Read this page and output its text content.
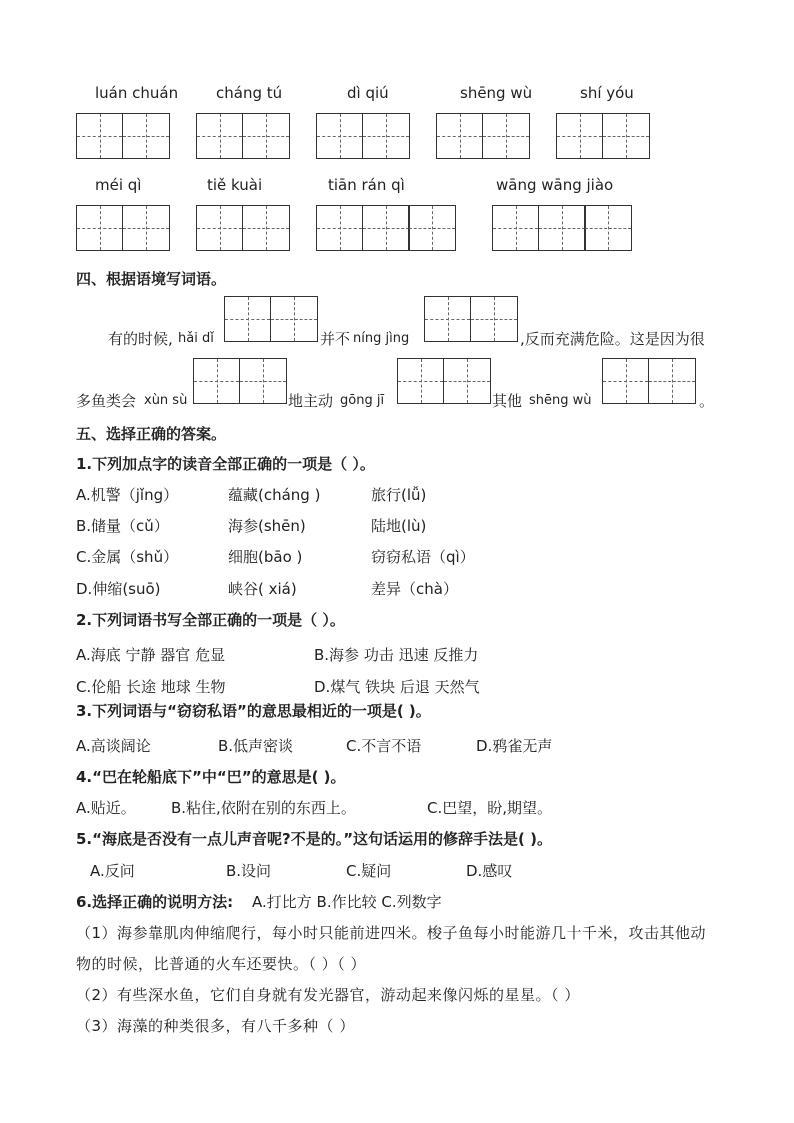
luán chuán	cháng tú	dì qiú	shēng wù	shí yóu
méi qì	tiě kuài	tiān rán qì	wāng wāng jiào
四、根据语境写词语。
有的时候, hǎi dǐ	并不 níng jìng	,反而充满危险。这是因为很
多鱼类会 xùn sù	地主动 gōng jī	其他 shēng wù	。
五、选择正确的答案。
1.下列加点字的读音全部正确的一项是（ ）。
A.机警（jǐng）	蕴藏(cháng )	旅行(lǚ)
B.储量（cǔ）	海参(shēn)	陆地(lù)
C.金属（shǔ）	细胞(bāo )	窃窃私语（qì）
D.伸缩(suō)	峡谷( xiá)	差异（chà）
2.下列词语书写全部正确的一项是（ ）。
A.海底 宁静 器官 危显	B.海参 功击 迅速 反推力
C.伦船 长途 地球 生物	D.煤气 铁块 后退 天然气
3.下列词语与“窃窃私语”的意思最相近的一项是( )。
A.高谈阔论	B.低声密谈	C.不言不语	D.鸦雀无声
4.“巴在轮船底下”中“巴”的意思是( )。
A.贴近。 B.粘住,依附在别的东西上。	C.巴望，盼,期望。
5.“海底是否没有一点儿声音呢?不是的。”这句话运用的修辞手法是( )。
A.反问	B.设问	C.疑问	D.感叹
6.选择正确的说明方法: A.打比方 B.作比较 C.列数字
（1）海参靠肌肉伸缩爬行，每小时只能前进四米。梭子鱼每小时能游几十千米，攻击其他动
物的时候，比普通的火车还要快。（ ）（ ）
（2）有些深水鱼，它们自身就有发光器官，游动起来像闪烁的星星。（ ）
（3）海藻的种类很多，有八千多种（ ）
